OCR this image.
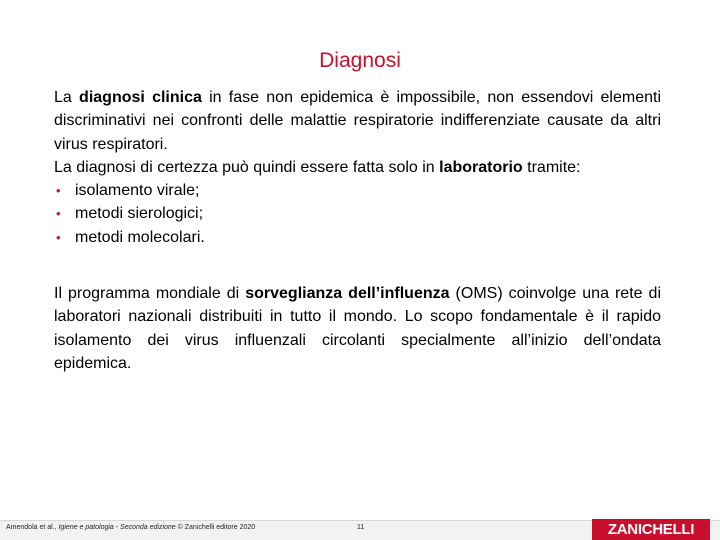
Diagnosi

La diagnosi clinica in fase non epidemica è impossibile, non essendovi elementi discriminativi nei confronti delle malattie respiratorie indifferenziate causate da altri virus respiratori.

La diagnosi di certezza può quindi essere fatta solo in laboratorio tramite:

• isolamento virale;
• metodi sierologici;
• metodi molecolari.

Il programma mondiale di sorveglianza dell’influenza (OMS) coinvolge una rete di laboratori nazionali distribuiti in tutto il mondo. Lo scopo fondamentale è il rapido isolamento dei virus influenzali circolanti specialmente all’inizio dell’ondata epidemica.

Amendola et al., Igiene e patologia - Seconda edizione © Zanichelli editore 2020	11	ZANICHELLI
